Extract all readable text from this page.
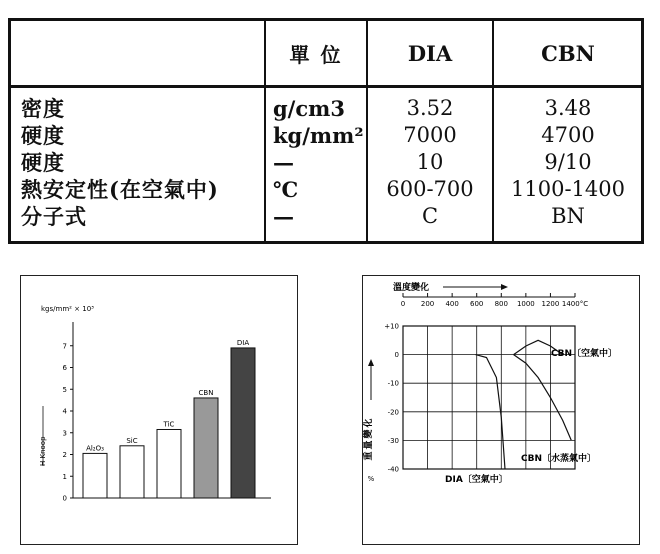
單 位	DIA	CBN
密度
硬度
硬度
熱安定性(在空氣中)
分子式
g/cm3
kg/mm²
—
℃
—
3.52
7000
10
600-700
C
3.48
4700
9/10
1100-1400
BN
kgs/mm² × 10³
0
1
2
3
4
5
6
7
Al₂O₃
SiC
TiC
CBN
DIA
H Knoop
溫度變化
0 200 400 600 800 1000 1200 1400°C
+10
0
-10
-20
-30
-40
重
量
變
化
%
CBN〔空氣中〕
CBN〔水蒸氣中〕
DIA〔空氣中〕
